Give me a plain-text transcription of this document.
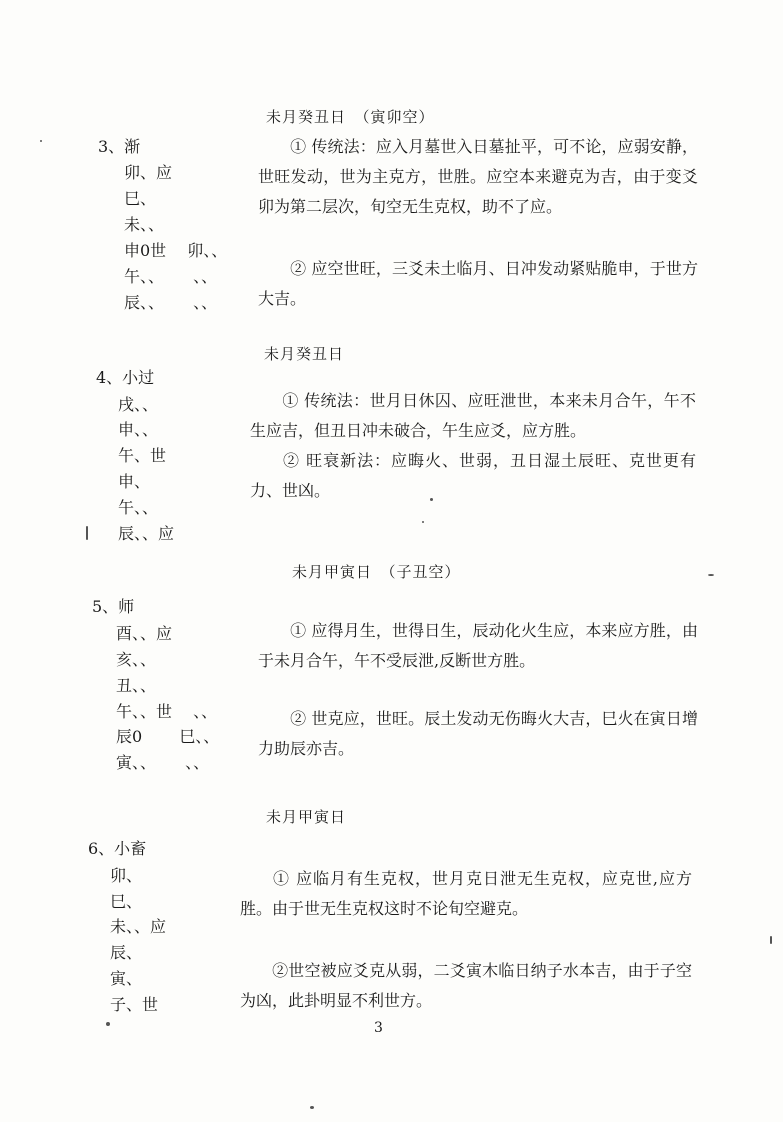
未月癸丑日　（寅卯空）
3、渐
卯、应
巳、
未、、
申0世　 卯、、
午、、　　 、、
辰、、　　 、、
① 传统法：应入月墓世入日墓扯平，可不论，应弱安静，世旺发动，世为主克方，世胜。应空本来避克为吉，由于变爻卯为第二层次，旬空无生克权，助不了应。
② 应空世旺，三爻未土临月、日冲发动紧贴脆申，于世方大吉。
未月癸丑日
4、小过
戌、、
申、、
午、世
申、
午、、
辰、、应
① 传统法：世月日休囚、应旺泄世，本来未月合午，午不生应吉，但丑日冲未破合，午生应爻，应方胜。
② 旺衰新法：应晦火、世弱，丑日湿土辰旺、克世更有力、世凶。
未月甲寅日　（子丑空）
5、师
酉、、应
亥、、
丑、、
午、、世　 、、
辰0　　 巳、、
寅、、　　 、、
① 应得月生，世得日生，辰动化火生应，本来应方胜，由于未月合午，午不受辰泄,反断世方胜。
② 世克应，世旺。辰土发动无伤晦火大吉，巳火在寅日增力助辰亦吉。
未月甲寅日
6、小畜
卯、
巳、
未、、应
辰、
寅、
子、世
① 应临月有生克权，世月克日泄无生克权，应克世,应方胜。由于世无生克权这时不论旬空避克。
②世空被应爻克从弱，二爻寅木临日纳子水本吉，由于子空为凶，此卦明显不利世方。
3
